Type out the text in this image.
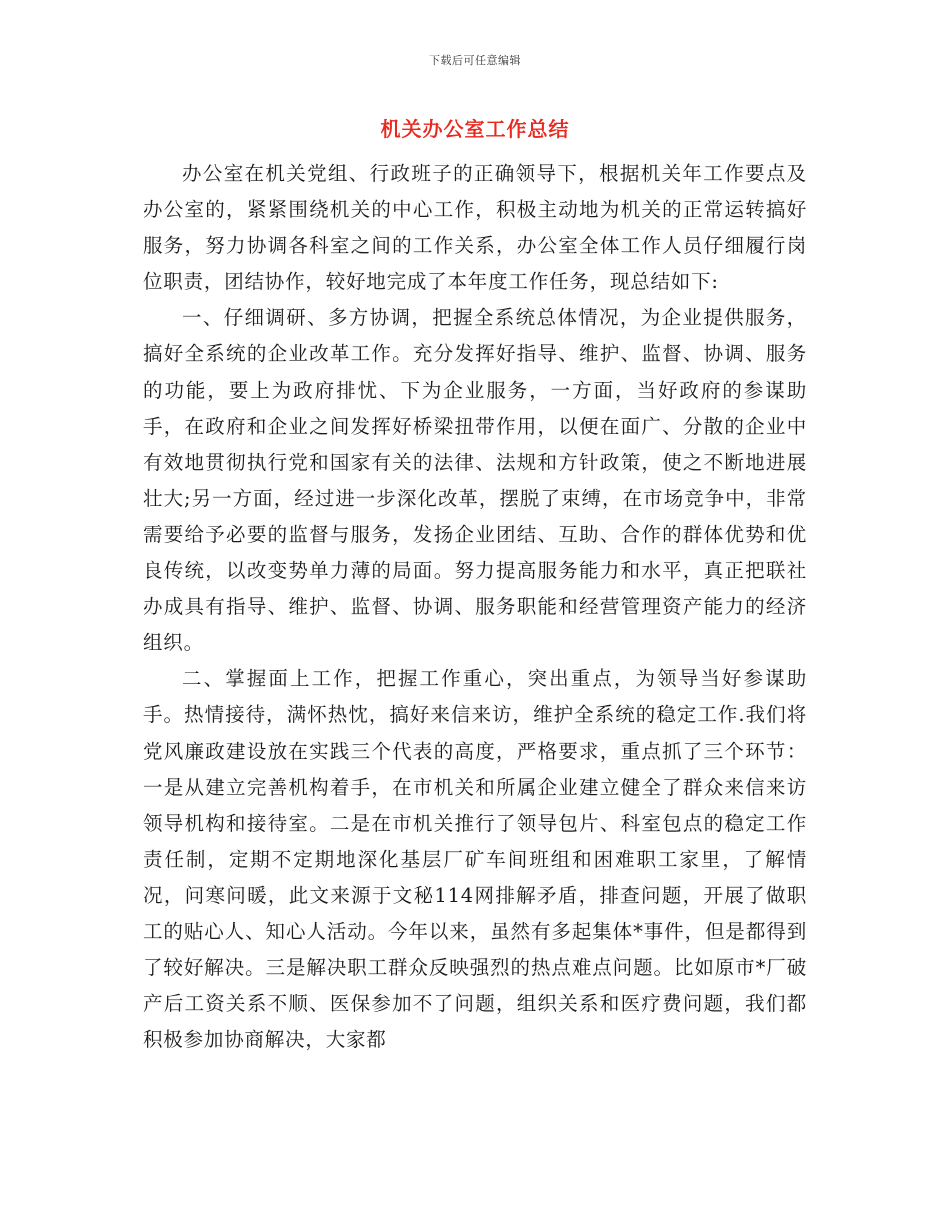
下载后可任意编辑
机关办公室工作总结

办公室在机关党组、行政班子的正确领导下，根据机关年工作要点及办公室的，紧紧围绕机关的中心工作，积极主动地为机关的正常运转搞好服务，努力协调各科室之间的工作关系，办公室全体工作人员仔细履行岗位职责，团结协作，较好地完成了本年度工作任务，现总结如下:

一、仔细调研、多方协调，把握全系统总体情况，为企业提供服务，搞好全系统的企业改革工作。充分发挥好指导、维护、监督、协调、服务的功能，要上为政府排忧、下为企业服务，一方面，当好政府的参谋助手，在政府和企业之间发挥好桥梁扭带作用，以便在面广、分散的企业中有效地贯彻执行党和国家有关的法律、法规和方针政策，使之不断地进展壮大;另一方面，经过进一步深化改革，摆脱了束缚，在市场竞争中，非常需要给予必要的监督与服务，发扬企业团结、互助、合作的群体优势和优良传统，以改变势单力薄的局面。努力提高服务能力和水平，真正把联社办成具有指导、维护、监督、协调、服务职能和经营管理资产能力的经济组织。

二、掌握面上工作，把握工作重心，突出重点，为领导当好参谋助手。热情接待，满怀热忱，搞好来信来访，维护全系统的稳定工作.我们将党风廉政建设放在实践三个代表的高度，严格要求，重点抓了三个环节：一是从建立完善机构着手，在市机关和所属企业建立健全了群众来信来访领导机构和接待室。二是在市机关推行了领导包片、科室包点的稳定工作责任制，定期不定期地深化基层厂矿车间班组和困难职工家里，了解情况，问寒问暖，此文来源于文秘114网排解矛盾，排查问题，开展了做职工的贴心人、知心人活动。今年以来，虽然有多起集体*事件，但是都得到了较好解决。三是解决职工群众反映强烈的热点难点问题。比如原市*厂破产后工资关系不顺、医保参加不了问题，组织关系和医疗费问题，我们都积极参加协商解决，大家都
